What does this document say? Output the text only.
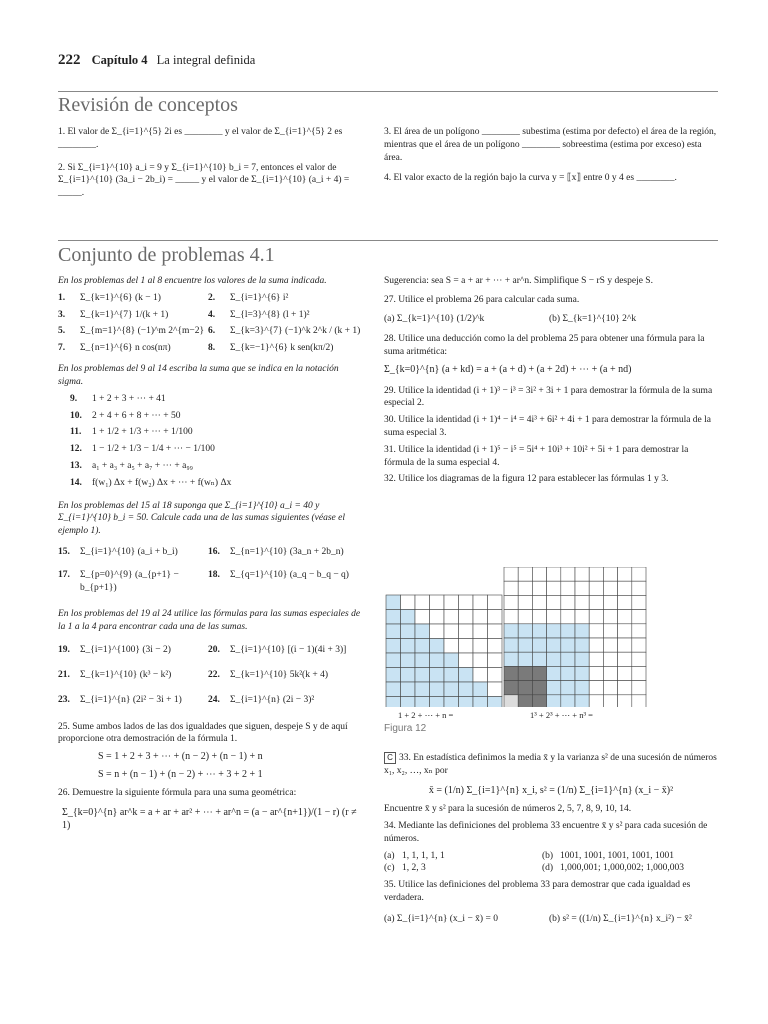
222 Capítulo 4 La integral definida
Revisión de conceptos

1. El valor de Σ_{i=1}^{5} 2i es ________ y el valor de Σ_{i=1}^{5} 2 es ________.

2. Si Σ_{i=1}^{10} a_i = 9 y Σ_{i=1}^{10} b_i = 7, entonces el valor de Σ_{i=1}^{10} (3a_i − 2b_i) = _____ y el valor de Σ_{i=1}^{10} (a_i + 4) = _____.

3. El área de un polígono ________ subestima (estima por defecto) el área de la región, mientras que el área de un polígono ________ sobreestima (estima por exceso) esta área.

4. El valor exacto de la región bajo la curva y = ⟦x⟧ entre 0 y 4 es ________.

Conjunto de problemas 4.1

En los problemas del 1 al 8 encuentre los valores de la suma indicada.

1.	Σ_{k=1}^{6} (k − 1)	2.	Σ_{i=1}^{6} i²
3.	Σ_{k=1}^{7} 1/(k + 1)	4.	Σ_{l=3}^{8} (l + 1)²
5.	Σ_{m=1}^{8} (−1)^m 2^{m−2} 6.	Σ_{k=3}^{7} (−1)^k 2^k / (k + 1)
7.	Σ_{n=1}^{6} n cos(nπ)	8.	Σ_{k=−1}^{6} k sen(kπ/2)

En los problemas del 9 al 14 escriba la suma que se indica en la notación sigma.

9.	1 + 2 + 3 + ⋯ + 41
10.	2 + 4 + 6 + 8 + ⋯ + 50
11.	1 + 1/2 + 1/3 + ⋯ + 1/100
12.	1 − 1/2 + 1/3 − 1/4 + ⋯ − 1/100
13.	a₁ + a₃ + a₅ + a₇ + ⋯ + a₉₉
14.	f(w₁) Δx + f(w₂) Δx + ⋯ + f(wₙ) Δx

En los problemas del 15 al 18 suponga que Σ_{i=1}^{10} a_i = 40 y Σ_{i=1}^{10} b_i = 50. Calcule cada una de las sumas siguientes (véase el ejemplo 1).

15.	Σ_{i=1}^{10} (a_i + b_i)	16.	Σ_{n=1}^{10} (3a_n + 2b_n)
17.	Σ_{p=0}^{9} (a_{p+1} − b_{p+1})
18.	Σ_{q=1}^{10} (a_q − b_q − q)

En los problemas del 19 al 24 utilice las fórmulas para las sumas especiales de la 1 a la 4 para encontrar cada una de las sumas.

19.	Σ_{i=1}^{100} (3i − 2)	20.	Σ_{i=1}^{10} [(i − 1)(4i + 3)]
21.	Σ_{k=1}^{10} (k³ − k²)	22.	Σ_{k=1}^{10} 5k²(k + 4)
23.	Σ_{i=1}^{n} (2i² − 3i + 1)	24.	Σ_{i=1}^{n} (2i − 3)²

25. Sume ambos lados de las dos igualdades que siguen, despeje S y de aquí proporcione otra demostración de la fórmula 1.

S = 1 + 2 + 3 + ⋯ + (n − 2) + (n − 1) + n

S = n + (n − 1) + (n − 2) + ⋯ + 3 + 2 + 1

26. Demuestre la siguiente fórmula para una suma geométrica:

Σ_{k=0}^{n} ar^k = a + ar + ar² + ⋯ + ar^n = (a − ar^{n+1})/(1 − r) (r ≠ 1)

Sugerencia: sea S = a + ar + ⋯ + ar^n. Simplifique S − rS y despeje S.

27. Utilice el problema 26 para calcular cada suma.

(a) Σ_{k=1}^{10} (1/2)^k	(b) Σ_{k=1}^{10} 2^k

28. Utilice una deducción como la del problema 25 para obtener una fórmula para la suma aritmética:

Σ_{k=0}^{n} (a + kd) = a + (a + d) + (a + 2d) + ⋯ + (a + nd)

29. Utilice la identidad (i + 1)³ − i³ = 3i² + 3i + 1 para demostrar la fórmula de la suma especial 2.

30. Utilice la identidad (i + 1)⁴ − i⁴ = 4i³ + 6i² + 4i + 1 para demostrar la fórmula de la suma especial 3.

31. Utilice la identidad (i + 1)⁵ − i⁵ = 5i⁴ + 10i³ + 10i² + 5i + 1 para demostrar la fórmula de la suma especial 4.

32. Utilice los diagramas de la figura 12 para establecer las fórmulas 1 y 3.

1 + 2 + ⋯ + n =	1³ + 2³ + ⋯ + n³ =
Figura 12

C 33. En estadística definimos la media x̄ y la varianza s² de una sucesión de números x₁, x₂, …, xₙ por

x̄ = (1/n) Σ_{i=1}^{n} x_i, s² = (1/n) Σ_{i=1}^{n} (x_i − x̄)²

Encuentre x̄ y s² para la sucesión de números 2, 5, 7, 8, 9, 10, 14.

34. Mediante las definiciones del problema 33 encuentre x̄ y s² para cada sucesión de números.

(a) 1, 1, 1, 1, 1	(b) 1001, 1001, 1001, 1001, 1001
(c) 1, 2, 3	(d) 1,000,001; 1,000,002; 1,000,003

35. Utilice las definiciones del problema 33 para demostrar que cada igualdad es verdadera.

(a) Σ_{i=1}^{n} (x_i − x̄) = 0	(b) s² = ((1/n) Σ_{i=1}^{n} x_i²) − x̄²
